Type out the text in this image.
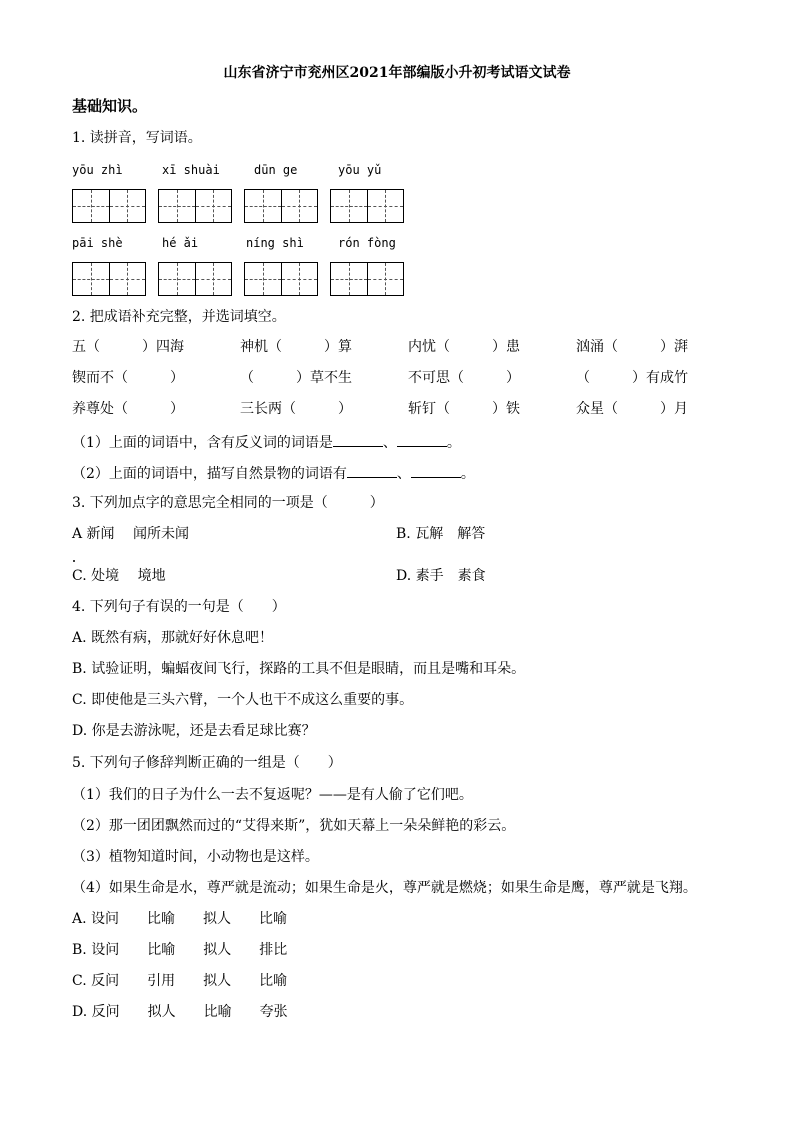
山东省济宁市兖州区2021年部编版小升初考试语文试卷
基础知识。
1. 读拼音，写词语。
yōu zhì	xī shuài	dūn ge	yōu yǔ
pāi shè	hé ǎi	níng shì	rón fòng
2. 把成语补充完整，并选词填空。
五（　　　）四海	神机（　　　）算	内忧（　　　）患	汹涌（　　　）湃
锲而不（　　　）	（　　　）草不生	不可思（　　　）	（　　　）有成竹
养尊处（　　　）	三长两（　　　）	斩钉（　　　）铁	众星（　　　）月
（1）上面的词语中，含有反义词的词语是	、	。
（2）上面的词语中，描写自然景物的词语有	、	。
3. 下列加点字的意思完全相同的一项是（　　　）
A 新闻　 闻所未闻	B. 瓦解　解答
C. 处境　 境地	D. 素手　素食
4. 下列句子有误的一句是（　　）
A. 既然有病，那就好好休息吧！
B. 试验证明，蝙蝠夜间飞行，探路的工具不但是眼睛，而且是嘴和耳朵。
C. 即使他是三头六臂，一个人也干不成这么重要的事。
D. 你是去游泳呢，还是去看足球比赛？
5. 下列句子修辞判断正确的一组是（　　）
（1）我们的日子为什么一去不复返呢？——是有人偷了它们吧。
（2）那一团团飘然而过的“艾得来斯”，犹如天幕上一朵朵鲜艳的彩云。
（3）植物知道时间，小动物也是这样。
（4）如果生命是水，尊严就是流动；如果生命是火，尊严就是燃烧；如果生命是鹰，尊严就是飞翔。
A. 设问　　比喻　　拟人　　比喻
B. 设问　　比喻　　拟人　　排比
C. 反问　　引用　　拟人　　比喻
D. 反问　　拟人　　比喻　　夸张
